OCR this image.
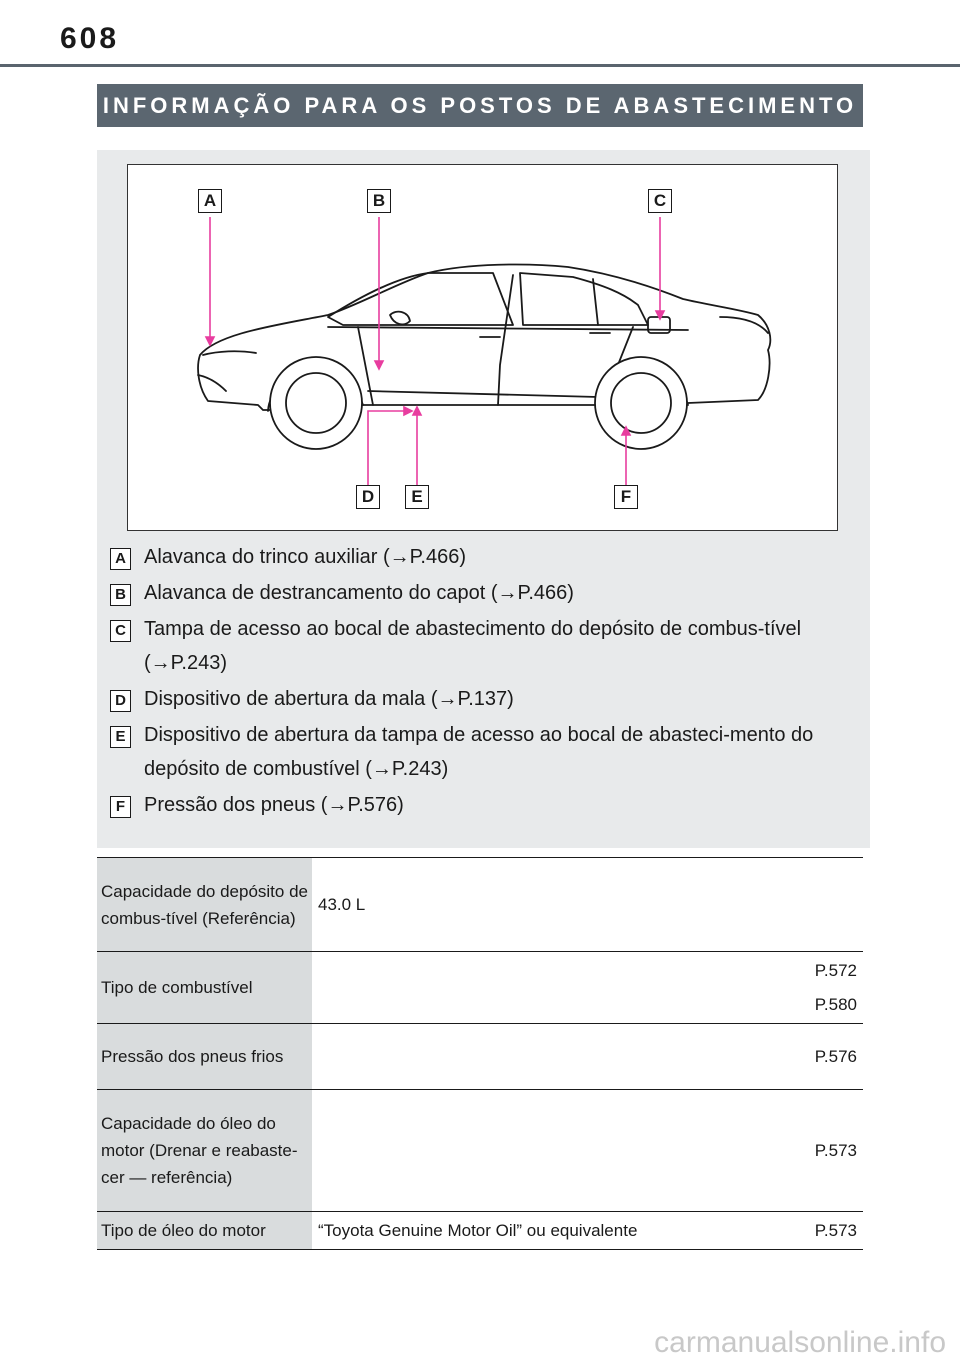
608
INFORMAÇÃO PARA OS POSTOS DE ABASTECIMENTO
A	B	C
D	E	F
A Alavanca do trinco auxiliar (→P.466)
B Alavanca de destrancamento do capot (→P.466)
C Tampa de acesso ao bocal de abastecimento do depósito de combus-tível (→P.243)
D Dispositivo de abertura da mala (→P.137)
E Dispositivo de abertura da tampa de acesso ao bocal de abasteci-mento do depósito de combustível (→P.243)
F Pressão dos pneus (→P.576)
Capacidade do depósito de combus-tível (Referência)	43.0 L	
Tipo de combustível		P.572
P.580

Pressão dos pneus frios		P.576
Capacidade do óleo do motor (Drenar e reabaste-cer — referência)		P.573
Tipo de óleo do motor	“Toyota Genuine Motor Oil” ou equivalente	P.573
carmanualsonline.info
